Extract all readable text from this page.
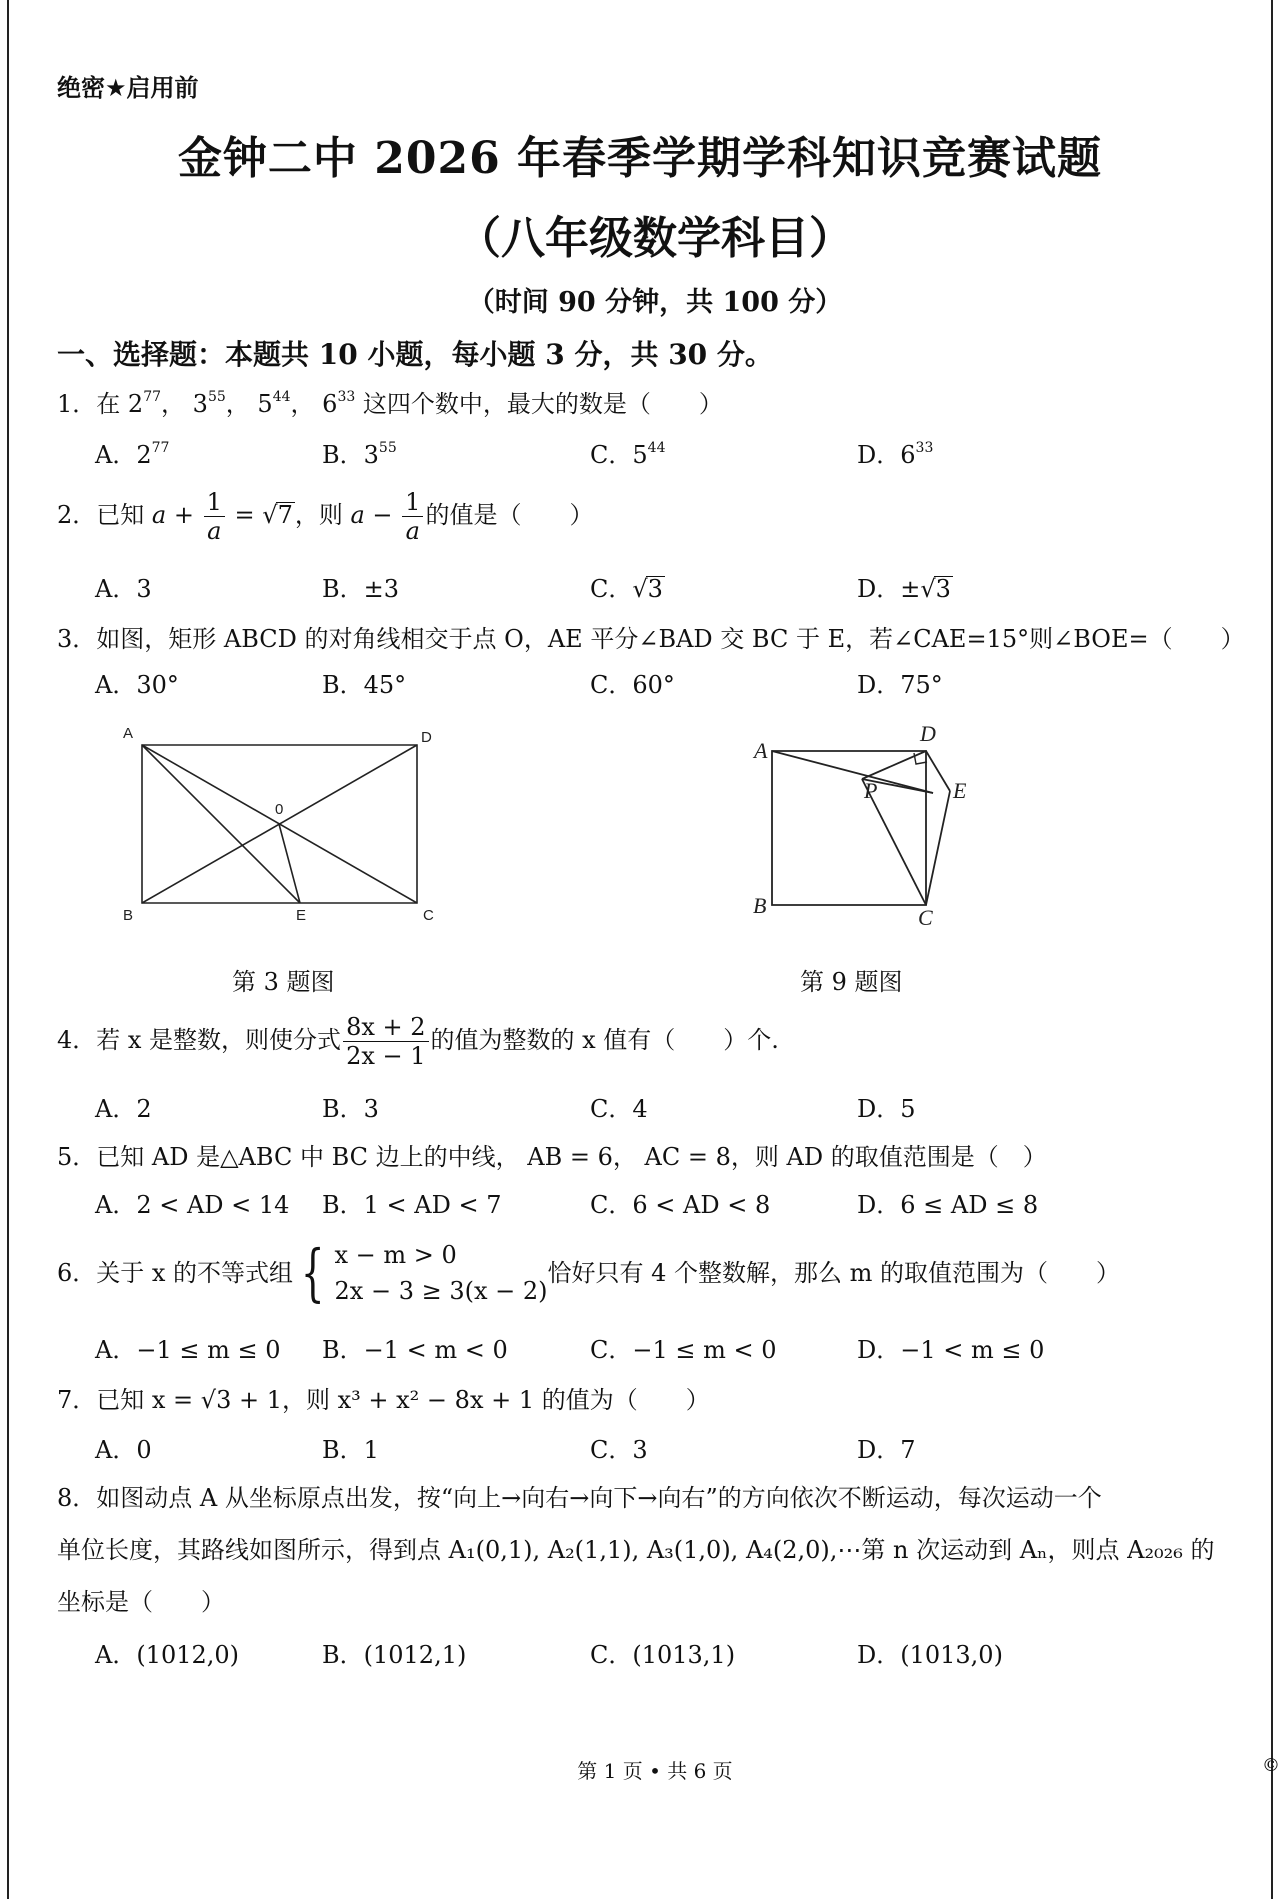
绝密★启用前
金钟二中 2026 年春季学期学科知识竞赛试题
（八年级数学科目）
（时间 90 分钟，共 100 分）
一、选择题：本题共 10 小题，每小题 3 分，共 30 分。
1．在 $2^{77}$， $3^{55}$， $5^{44}$， $6^{33}$ 这四个数中，最大的数是（　　）
A．$2^{77}$	B．$3^{55}$	C．$5^{44}$	D．$6^{33}$
2．已知 $a + \frac{1}{a} = √7$，则 $a - \frac{1}{a}$ 的值是（　　）
A．3	B．±3	C．√3	D．±√3
3．如图，矩形 ABCD 的对角线相交于点 O，AE 平分∠BAD 交 BC 于 E，若∠CAE=15°则∠BOE=（　　）
A．30°	B．45°	C．60°	D．75°
A	D
0
B	E	C
第 3 题图
A
D
P	E
B	C
第 9 题图
4．若 x 是整数，则使分式 $\frac{8x + 2}{2x - 1}$ 的值为整数的 x 值有（　　）个.
A．2	B．3	C．4	D．5
5．已知 AD 是△ABC 中 BC 边上的中线， AB = 6， AC = 8，则 AD 的取值范围是（　）
A．2 < AD < 14 B．1 < AD < 7	C．6 < AD < 8	D．6 ≤ AD ≤ 8
6．关于 x 的不等式组 { x − m > 0
2x − 3 ≥ 3(x − 2)
恰好只有 4 个整数解，那么 m 的取值范围为（　　）
A．−1 ≤ m ≤ 0 B．−1 < m < 0	C．−1 ≤ m < 0	D．−1 < m ≤ 0
7．已知 x = √3 + 1，则 x³ + x² − 8x + 1 的值为（　　）
A．0	B．1	C．3	D．7
8．如图动点 A 从坐标原点出发，按“向上→向右→向下→向右”的方向依次不断运动，每次运动一个
单位长度，其路线如图所示，得到点 A₁(0,1), A₂(1,1), A₃(1,0), A₄(2,0),⋯第 n 次运动到 Aₙ，则点 A₂₀₂₆ 的
坐标是（　　）
A．(1012,0)	B．(1012,1)	C．(1013,1)	D．(1013,0)
第 1 页 • 共 6 页	©
